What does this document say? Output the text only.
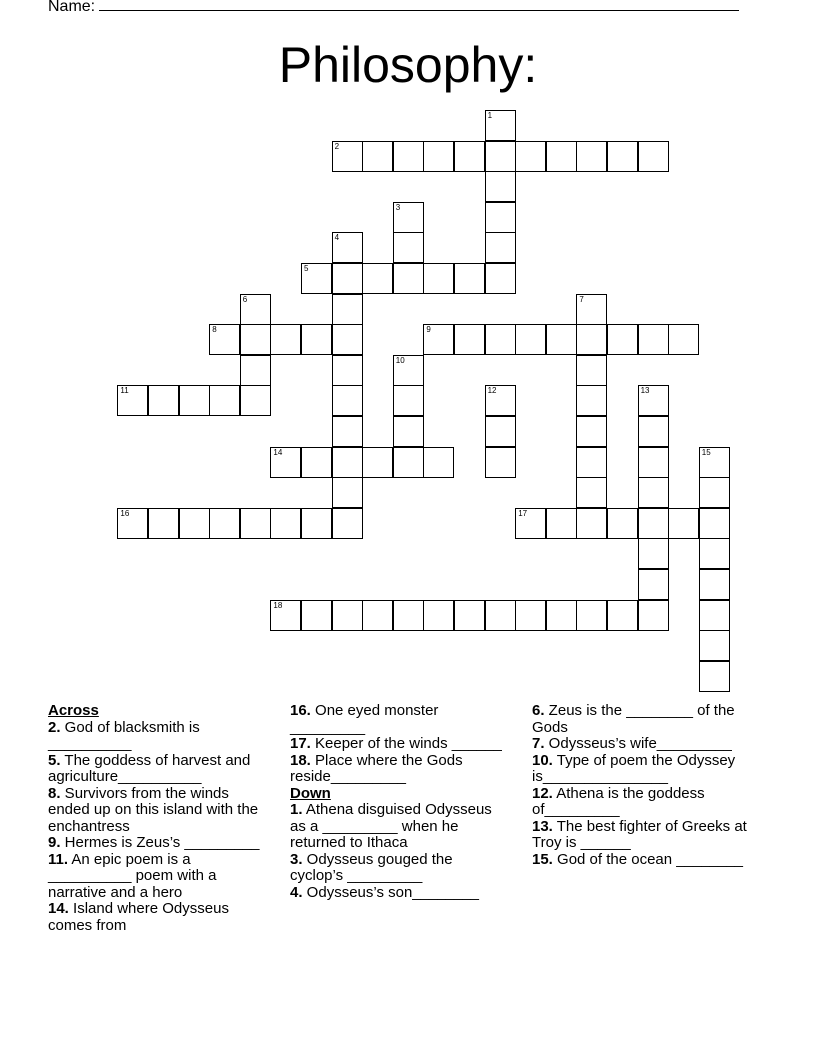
Name:
Philosophy:
1
2
3
4
5
6	7
8	9
10
11	12	13
14	15
16	17
18

Across

2. God of blacksmith is __________

5. The goddess of harvest and agriculture__________

8. Survivors from the winds ended up on this island with the enchantress

9. Hermes is Zeus’s _________

11. An epic poem is a __________ poem with a narrative and a hero

14. Island where Odysseus comes from

16. One eyed monster _________

17. Keeper of the winds ______

18. Place where the Gods reside_________

Down

1. Athena disguised Odysseus as a _________ when he returned to Ithaca

3. Odysseus gouged the cyclop’s _________

4. Odysseus’s son________

6. Zeus is the ________ of the Gods

7. Odysseus’s wife_________

10. Type of poem the Odyssey is_______________

12. Athena is the goddess of_________

13. The best fighter of Greeks at Troy is ______

15. God of the ocean ________
